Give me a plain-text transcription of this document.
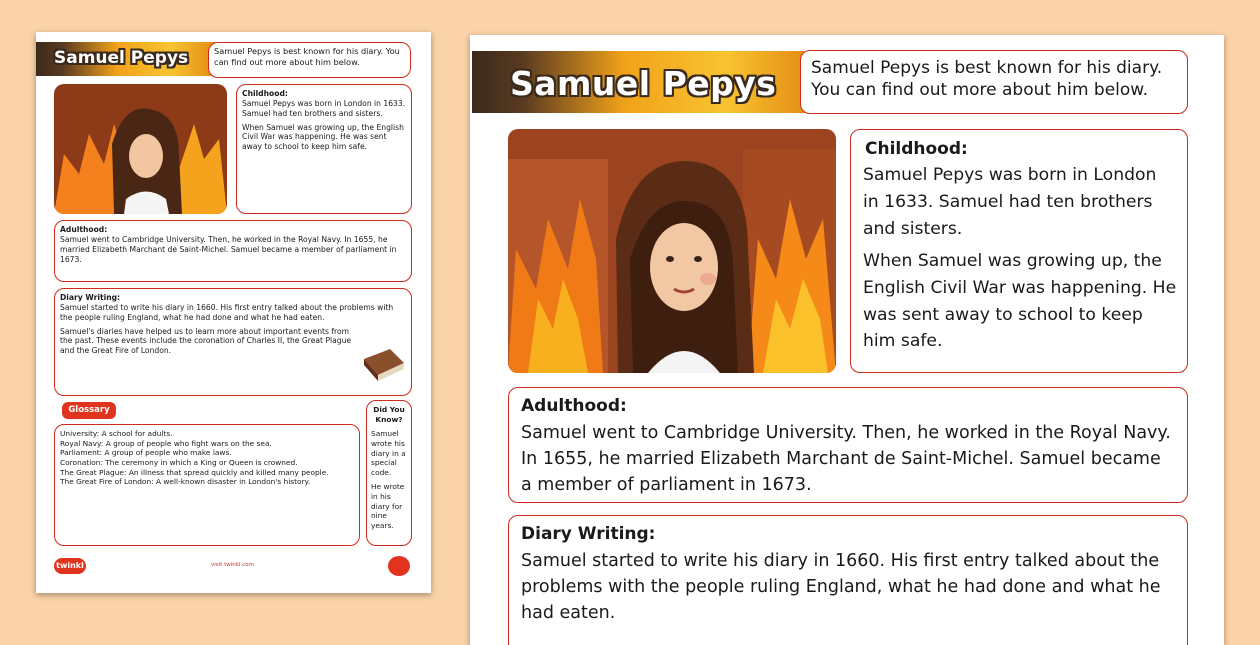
Samuel Pepys	Samuel Pepys is best known for his diary. You can find out more about him below.
Childhood:
Samuel Pepys was born in London in 1633. Samuel had ten brothers and sisters.
When Samuel was growing up, the English Civil War was happening. He was sent away to school to keep him safe.
Adulthood:
Samuel went to Cambridge University. Then, he worked in the Royal Navy. In 1655, he married Elizabeth Marchant de Saint-Michel. Samuel became a member of parliament in 1673.
Diary Writing:
Samuel started to write his diary in 1660. His first entry talked about the problems with the people ruling England, what he had done and what he had eaten.
Samuel's diaries have helped us to learn more about important events from the past. These events include the coronation of Charles II, the Great Plague and the Great Fire of London.
Glossary

University: A school for adults.

Royal Navy: A group of people who fight wars on the sea.

Parliament: A group of people who make laws.

Coronation: The ceremony in which a King or Queen is crowned.

The Great Plague: An illness that spread quickly and killed many people.

The Great Fire of London: A well-known disaster in London's history.

Did You Know?
Samuel wrote his diary in a special code.
He wrote in his diary for nine years.
twinkl	visit twinkl.com
Samuel Pepys Samuel Pepys is best known for his diary.
You can find out more about him below.
Childhood:
Samuel Pepys was born in London in 1633. Samuel had ten brothers and sisters.
When Samuel was growing up, the English Civil War was happening. He was sent away to school to keep him safe.
Adulthood:
Samuel went to Cambridge University. Then, he worked in the Royal Navy. In 1655, he married Elizabeth Marchant de Saint-Michel. Samuel became a member of parliament in 1673.
Diary Writing:
Samuel started to write his diary in 1660. His first entry talked about the problems with the people ruling England, what he had done and what he had eaten.
